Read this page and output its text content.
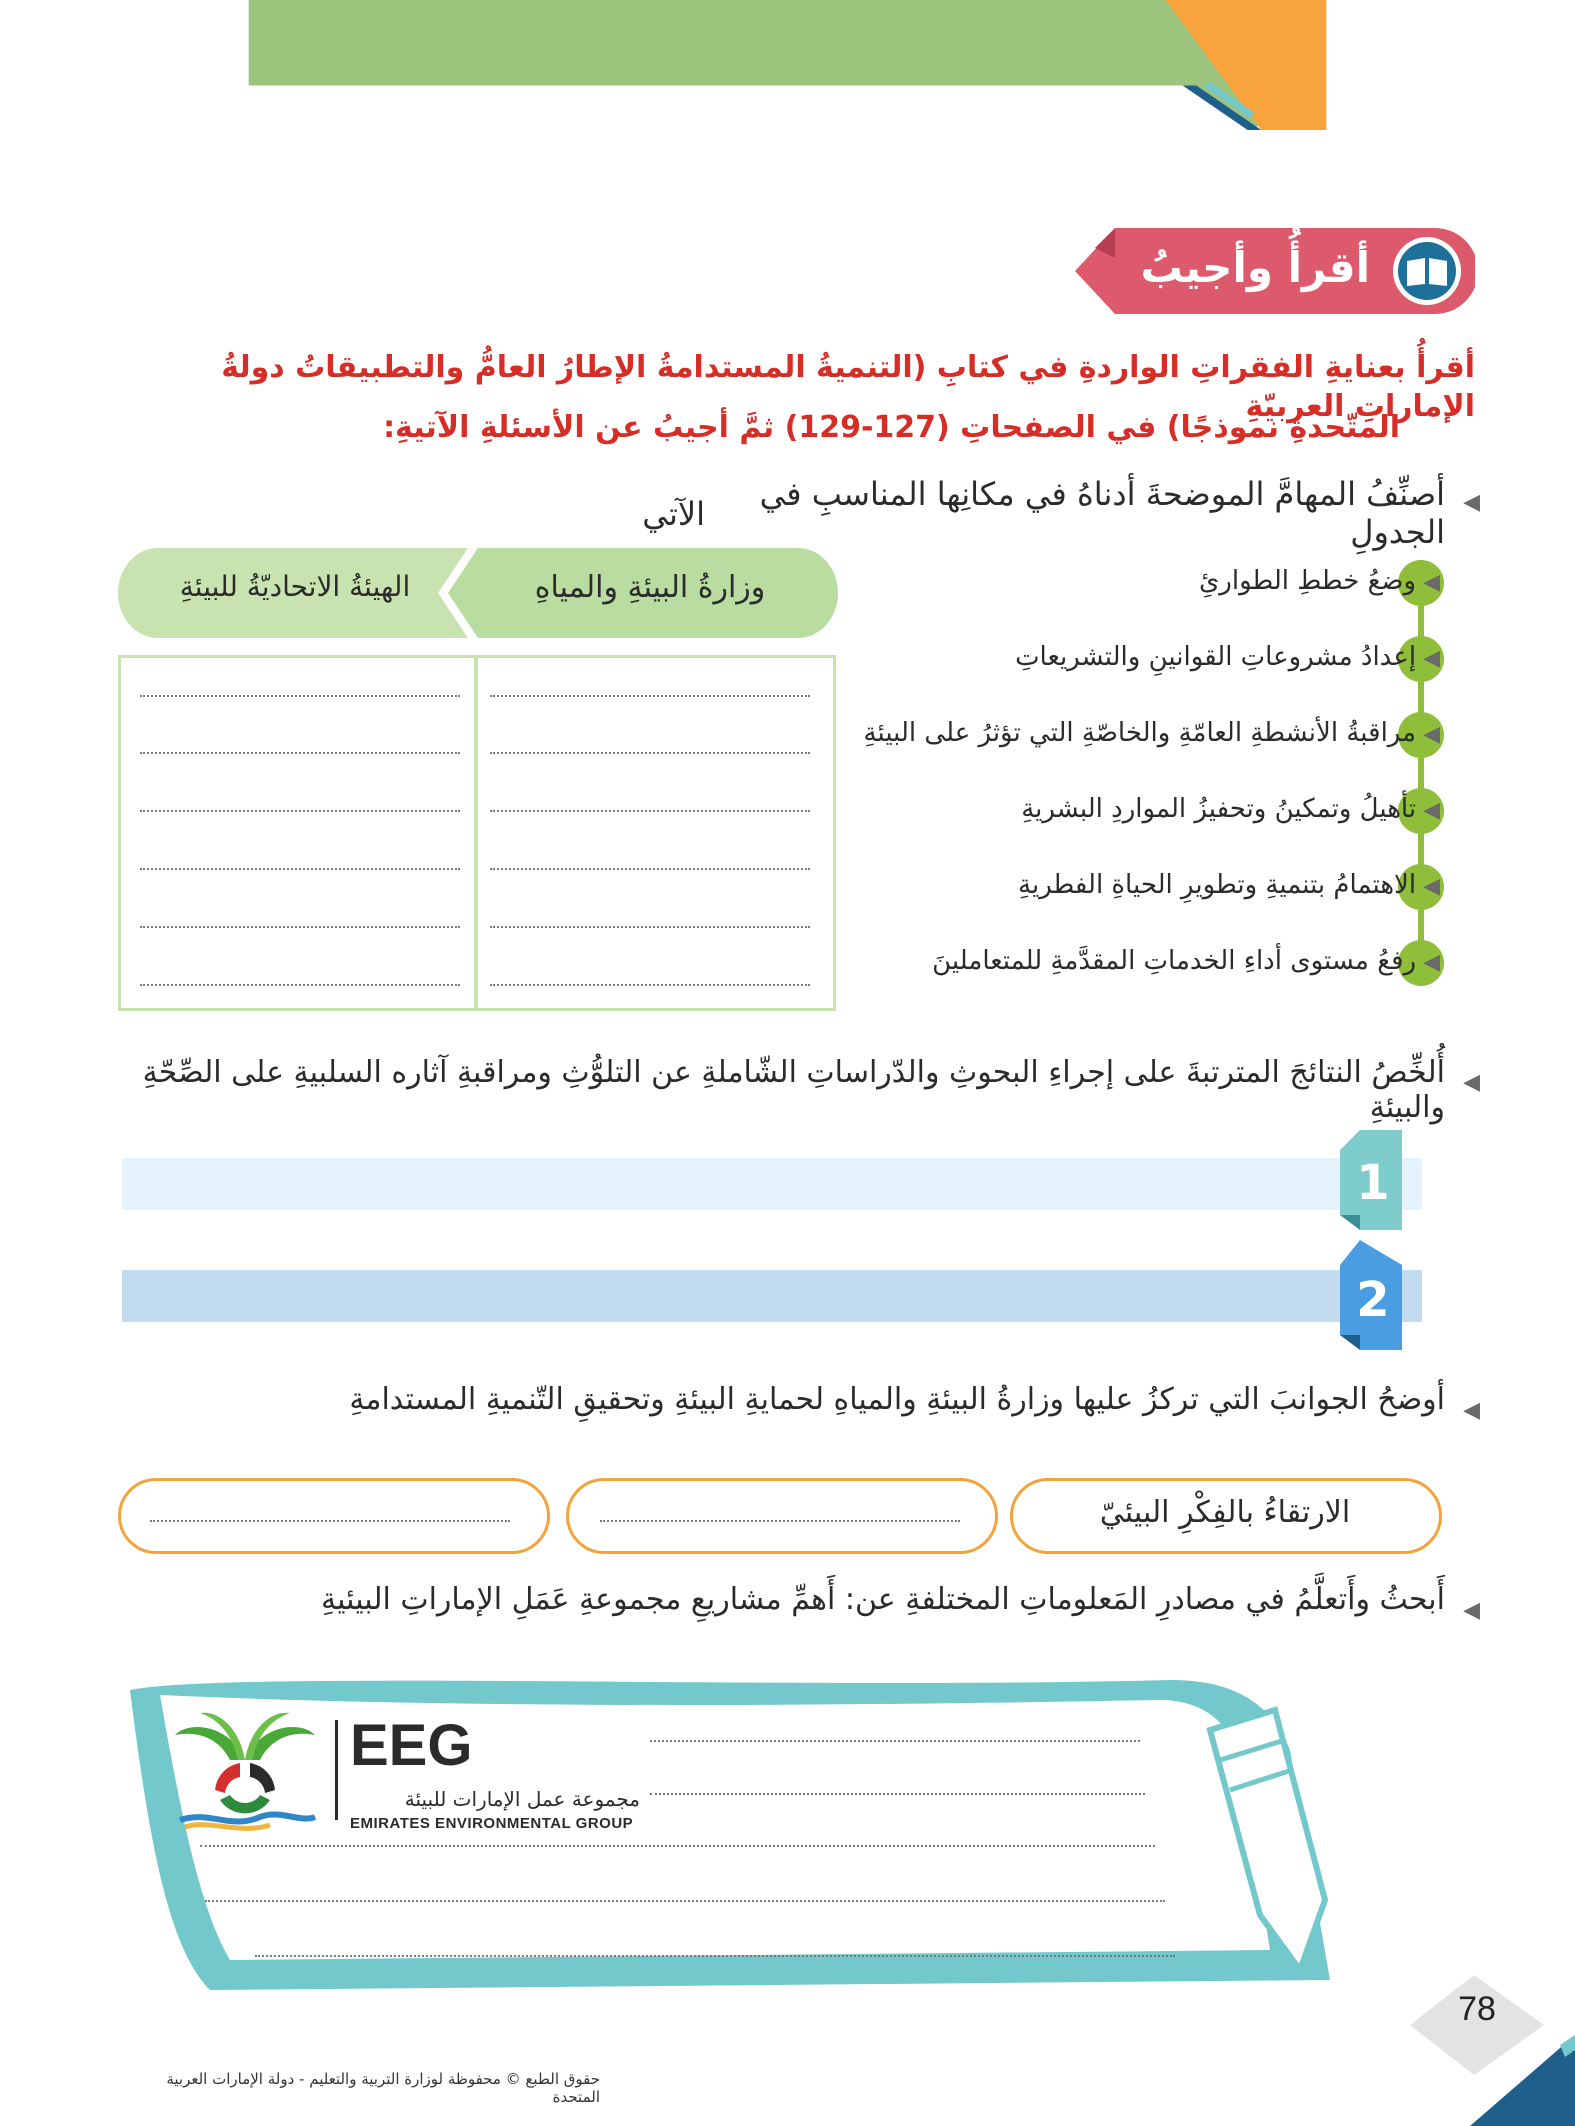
3
أقرأُ وأجيبُ
أقرأُ بعنايةِ الفقراتِ الواردةِ في كتابِ (التنميةُ المستدامةُ الإطارُ العامُّ والتطبيقاتُ دولةُ الإماراتِ العربيّةِ
المتّحدةِ نموذجًا) في الصفحاتِ (127-129) ثمَّ أجيبُ عن الأسئلةِ الآتيةِ:
◀
أصنِّفُ المهامَّ الموضحةَ أدناهُ في مكانِها المناسبِ في الجدولِ
الآتي
◀ وضعُ خططِ الطوارئِ
◀ إعدادُ مشروعاتِ القوانينِ والتشريعاتِ
◀ مراقبةُ الأنشطةِ العامّةِ والخاصّةِ التي تؤثرُ على البيئةِ
◀ تأهيلُ وتمكينُ وتحفيزُ المواردِ البشريةِ
◀ الاهتمامُ بتنميةِ وتطويرِ الحياةِ الفطريةِ
◀ رفعُ مستوى أداءِ الخدماتِ المقدَّمةِ للمتعاملينَ
وزارةُ البيئةِ والمياهِ
الهيئةُ الاتحاديّةُ للبيئةِ
◀
أُلخِّصُ النتائجَ المترتبةَ على إجراءِ البحوثِ والدّراساتِ الشّاملةِ عن التلوُّثِ ومراقبةِ آثاره السلبيةِ على الصِّحّةِ والبيئةِ
1
2
◀
أوضحُ الجوانبَ التي تركزُ عليها وزارةُ البيئةِ والمياهِ لحمايةِ البيئةِ وتحقيقِ التّنميةِ المستدامةِ
الارتقاءُ بالفِكْرِ البيئيّ
◀
أَبحثُ وأَتعلَّمُ في مصادرِ المَعلوماتِ المختلفةِ عن: أَهمِّ مشاريعِ مجموعةِ عَمَلِ الإماراتِ البيئيةِ
EEG
مجموعة عمل الإمارات للبيئة
EMIRATES ENVIRONMENTAL GROUP
78
حقوق الطبع © محفوظة لوزارة التربية والتعليم - دولة الإمارات العربية المتحدة
